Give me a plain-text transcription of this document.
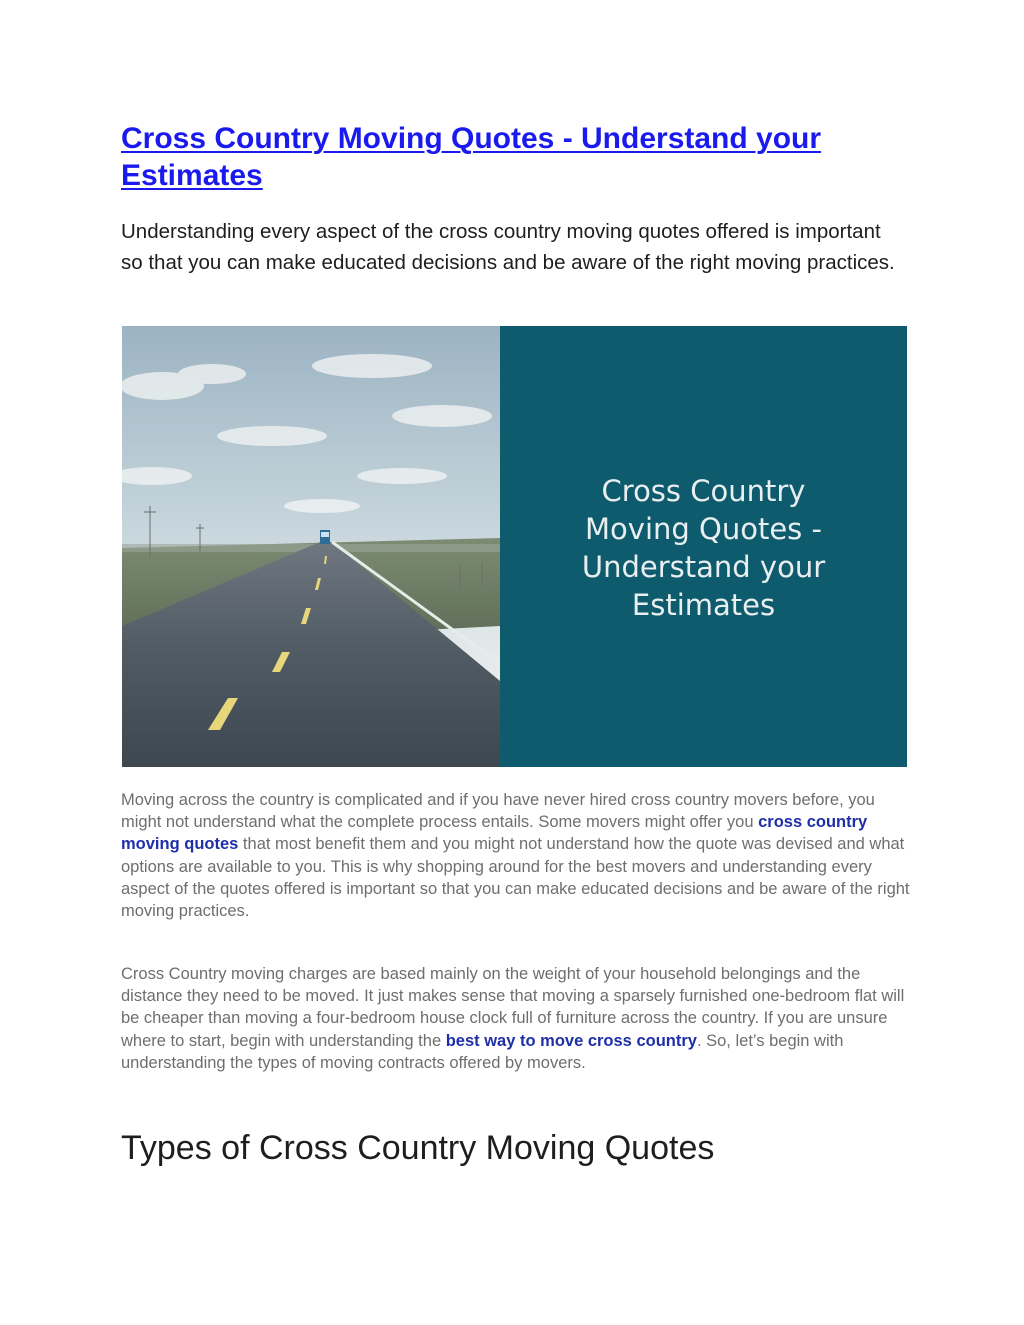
Cross Country Moving Quotes - Understand your Estimates

Understanding every aspect of the cross country moving quotes offered is important so that you can make educated decisions and be aware of the right moving practices.

Cross Country
Moving Quotes -
Understand your
Estimates

Moving across the country is complicated and if you have never hired cross country movers before, you might not understand what the complete process entails. Some movers might offer you cross country moving quotes that most benefit them and you might not understand how the quote was devised and what options are available to you. This is why shopping around for the best movers and understanding every aspect of the quotes offered is important so that you can make educated decisions and be aware of the right moving practices.

Cross Country moving charges are based mainly on the weight of your household belongings and the distance they need to be moved. It just makes sense that moving a sparsely furnished one-bedroom flat will be cheaper than moving a four-bedroom house clock full of furniture across the country. If you are unsure where to start, begin with understanding the best way to move cross country. So, let’s begin with understanding the types of moving contracts offered by movers.

Types of Cross Country Moving Quotes
